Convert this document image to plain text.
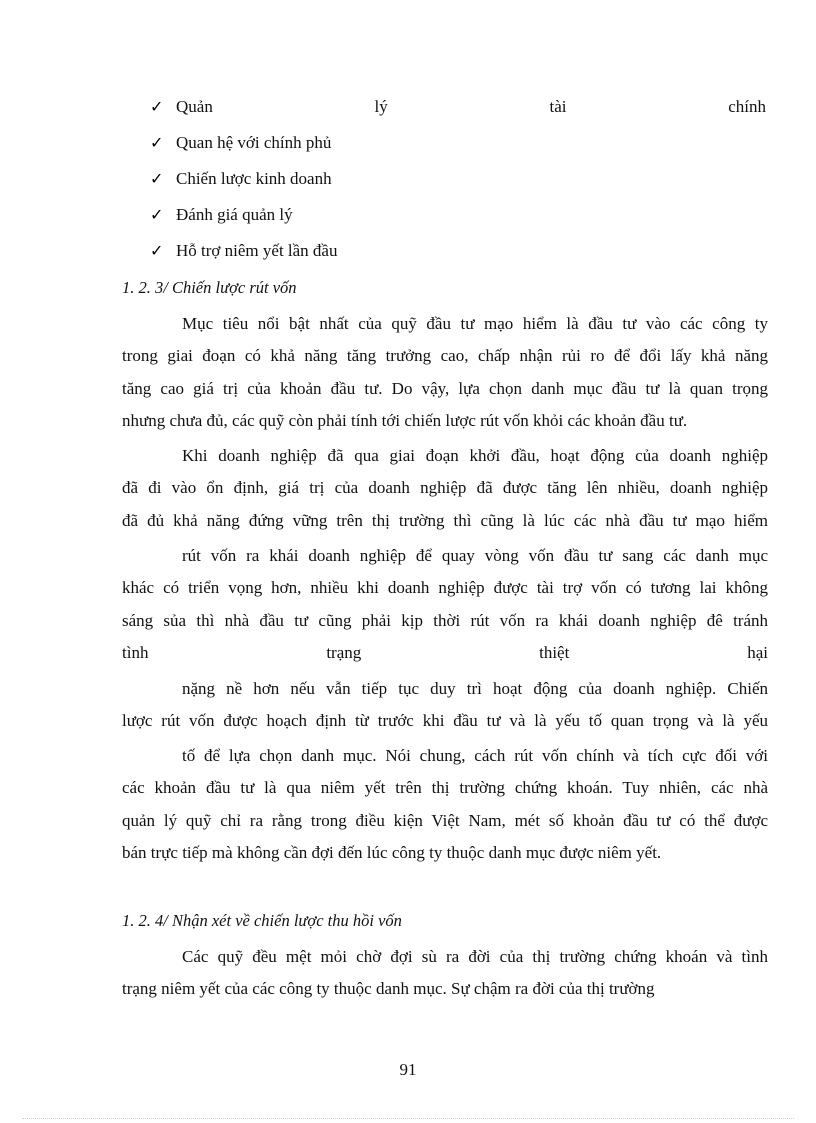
✓ Quản	lý	tài	chính
✓ Quan hệ với chính phủ
✓ Chiến lược kinh doanh
✓ Đánh giá quản lý
✓ Hỗ trợ niêm yết lần đầu
1. 2. 3/ Chiến lược rút vốn
Mục tiêu nổi bật nhất của quỹ đầu tư mạo hiểm là đầu tư vào các công ty
trong giai đoạn có khả năng tăng trưởng cao, chấp nhận rủi ro để đổi lấy khả năng
tăng cao giá trị của khoản đầu tư. Do vậy, lựa chọn danh mục đầu tư là quan trọng
nhưng chưa đủ, các quỹ còn phải tính tới chiến lược rút vốn khỏi các khoản đầu tư.
Khi doanh nghiệp đã qua giai đoạn khởi đầu, hoạt động của doanh nghiệp
đã đi vào ổn định, giá trị của doanh nghiệp đã được tăng lên nhiều, doanh nghiệp
đã đủ khả năng đứng vững trên thị trường thì cũng là lúc các nhà đầu tư mạo hiểm
rút vốn ra khái doanh nghiệp để quay vòng vốn đầu tư sang các danh mục
khác có triển vọng hơn, nhiều khi doanh nghiệp được tài trợ vốn có tương lai không
sáng sủa thì nhà đầu tư cũng phải kịp thời rút vốn ra khái doanh nghiệp đê tránh
tình	trạng	thiệt	hại
nặng nề hơn nếu vẫn tiếp tục duy trì hoạt động của doanh nghiệp. Chiến
lược rút vốn được hoạch định từ trước khi đầu tư và là yếu tố quan trọng và là yếu
tố để lựa chọn danh mục. Nói chung, cách rút vốn chính và tích cực đối với
các khoản đầu tư là qua niêm yết trên thị trường chứng khoán. Tuy nhiên, các nhà
quản lý quỹ chỉ ra rằng trong điều kiện Việt Nam, mét số khoản đầu tư có thể được
bán trực tiếp mà không cần đợi đến lúc công ty thuộc danh mục được niêm yết.
1. 2. 4/ Nhận xét về chiến lược thu hồi vốn
Các quỹ đều mệt mỏi chờ đợi sù ra đời của thị trường chứng khoán và tình
trạng niêm yết của các công ty thuộc danh mục. Sự chậm ra đời của thị trường
91
